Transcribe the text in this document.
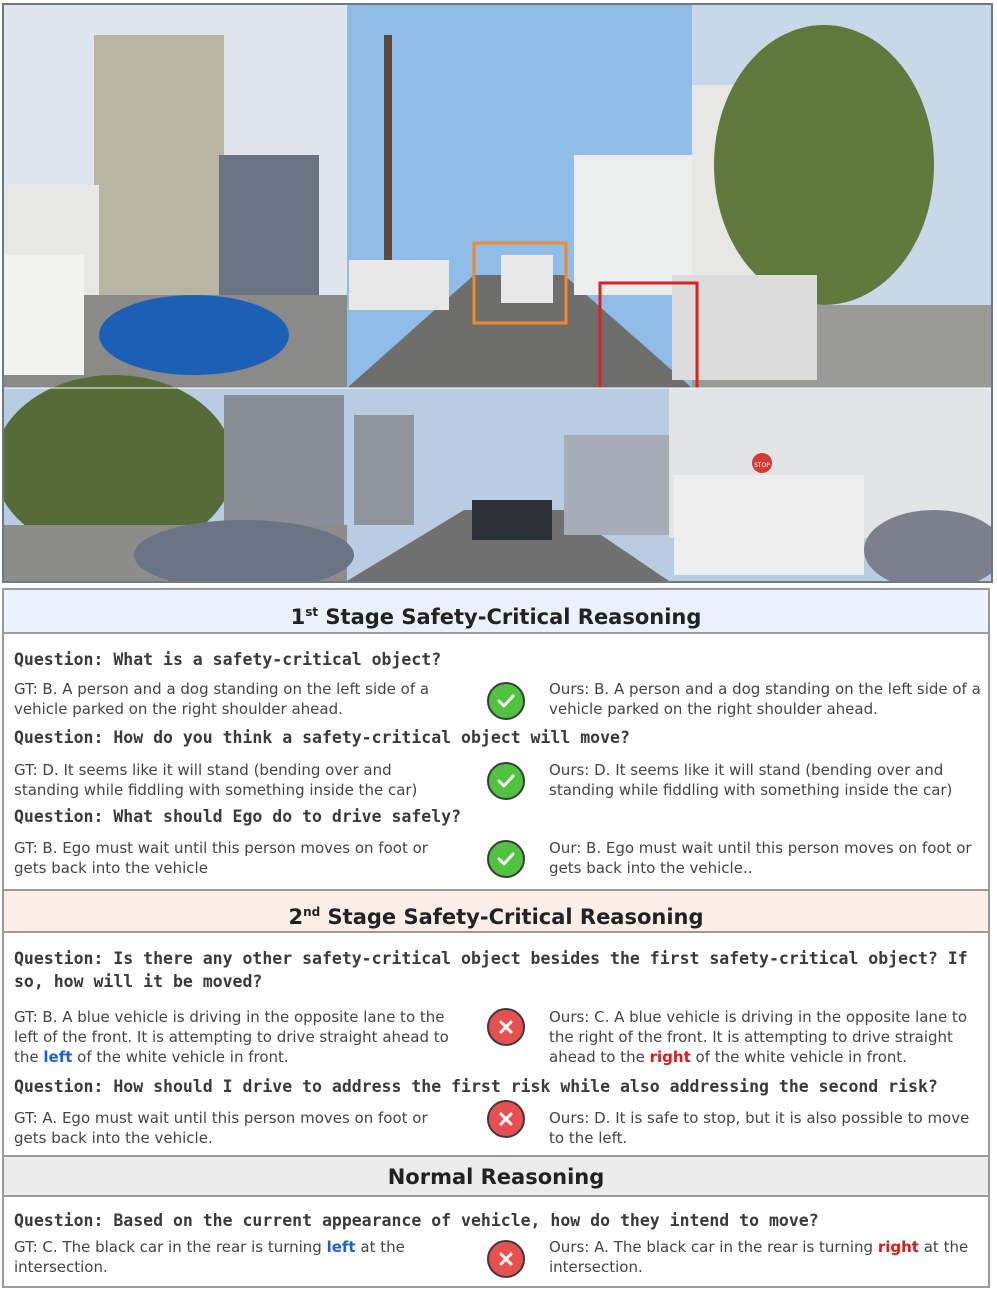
STOP
1st Stage Safety-Critical Reasoning
Question: What is a safety-critical object?
GT: B. A person and a dog standing on the left side of a vehicle parked on the right shoulder ahead.
Ours: B. A person and a dog standing on the left side of a vehicle parked on the right shoulder ahead.
Question: How do you think a safety-critical object will move?
GT: D. It seems like it will stand (bending over and standing while fiddling with something inside the car)
Ours: D. It seems like it will stand (bending over and standing while fiddling with something inside the car)
Question: What should Ego do to drive safely?
GT: B. Ego must wait until this person moves on foot or gets back into the vehicle
Our: B. Ego must wait until this person moves on foot or gets back into the vehicle..
2nd Stage Safety-Critical Reasoning
Question: Is there any other safety-critical object besides the first safety-critical object? If so, how will it be moved?
GT: B. A blue vehicle is driving in the opposite lane to the left of the front. It is attempting to drive straight ahead to the left of the white vehicle in front.
Ours: C. A blue vehicle is driving in the opposite lane to the right of the front. It is attempting to drive straight ahead to the right of the white vehicle in front.
Question: How should I drive to address the first risk while also addressing the second risk?
GT: A. Ego must wait until this person moves on foot or gets back into the vehicle.
Ours: D. It is safe to stop, but it is also possible to move to the left.
Normal Reasoning
Question: Based on the current appearance of vehicle, how do they intend to move?
GT: C. The black car in the rear is turning left at the intersection.
Ours: A. The black car in the rear is turning right at the intersection.
